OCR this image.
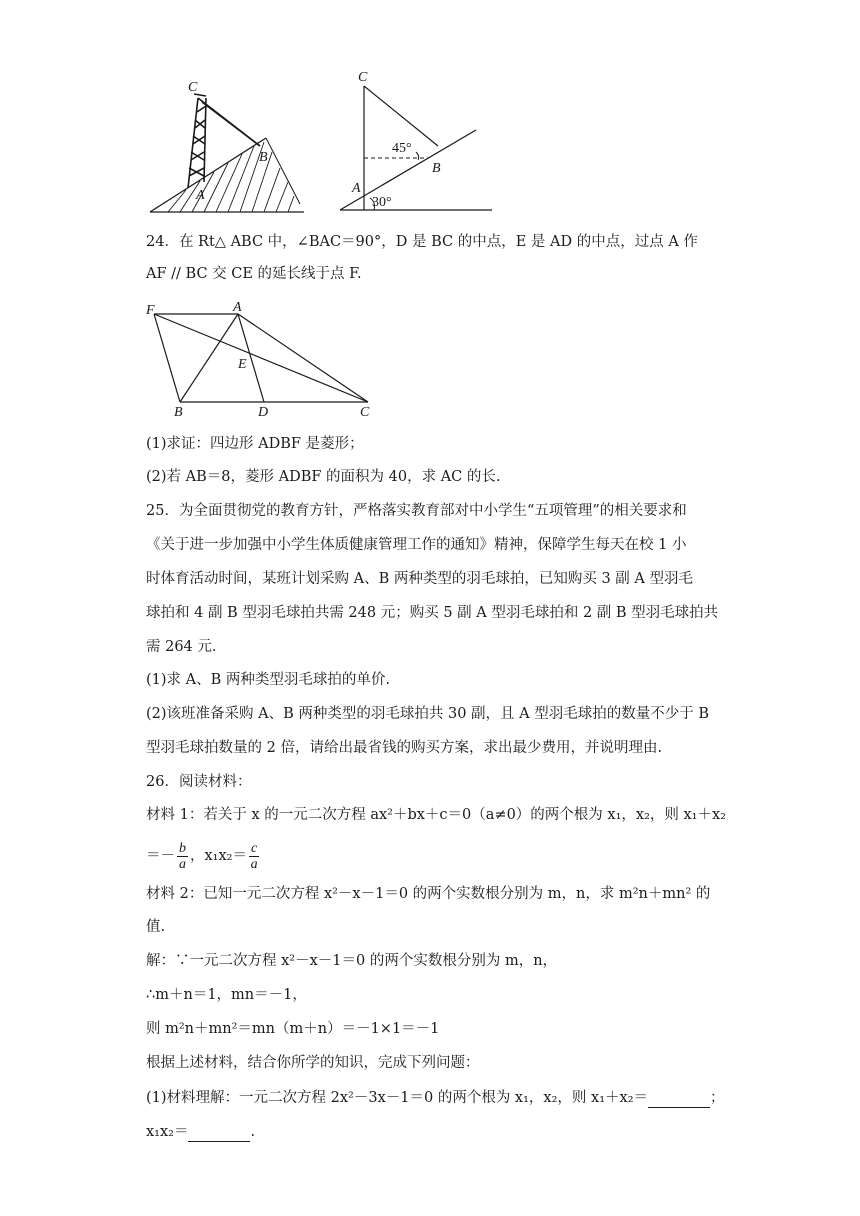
C
B
A
C
B
A
45°
30°
24．在 Rt△ ABC 中，∠BAC＝90°，D 是 BC 的中点，E 是 AD 的中点，过点 A 作
AF // BC 交 CE 的延长线于点 F.
F	A
E
B	D	C
(1)求证：四边形 ADBF 是菱形；
(2)若 AB＝8，菱形 ADBF 的面积为 40，求 AC 的长.
25．为全面贯彻党的教育方针，严格落实教育部对中小学生“五项管理”的相关要求和
《关于进一步加强中小学生体质健康管理工作的通知》精神，保障学生每天在校 1 小
时体育活动时间，某班计划采购 A、B 两种类型的羽毛球拍，已知购买 3 副 A 型羽毛
球拍和 4 副 B 型羽毛球拍共需 248 元；购买 5 副 A 型羽毛球拍和 2 副 B 型羽毛球拍共
需 264 元.
(1)求 A、B 两种类型羽毛球拍的单价.
(2)该班准备采购 A、B 两种类型的羽毛球拍共 30 副，且 A 型羽毛球拍的数量不少于 B
型羽毛球拍数量的 2 倍，请给出最省钱的购买方案，求出最少费用，并说明理由.
26．阅读材料：
材料 1：若关于 x 的一元二次方程 ax²＋bx＋c＝0（a≠0）的两个根为 x₁，x₂，则 x₁＋x₂
＝－ $\frac{b}{a}$ ，$x_1x_2= \frac{c}{a}$
材料 2：已知一元二次方程 x²－x－1＝0 的两个实数根分别为 m，n，求 m²n＋mn² 的
值.
解：∵一元二次方程 x²－x－1＝0 的两个实数根分别为 m，n，
∴m＋n＝1，mn＝－1，
则 m²n＋mn²＝mn（m＋n）＝－1×1＝－1
根据上述材料，结合你所学的知识，完成下列问题：
(1)材料理解：一元二次方程 2x²－3x－1＝0 的两个根为 x₁，x₂，则 x₁＋x₂＝	；
x₁x₂＝	.
